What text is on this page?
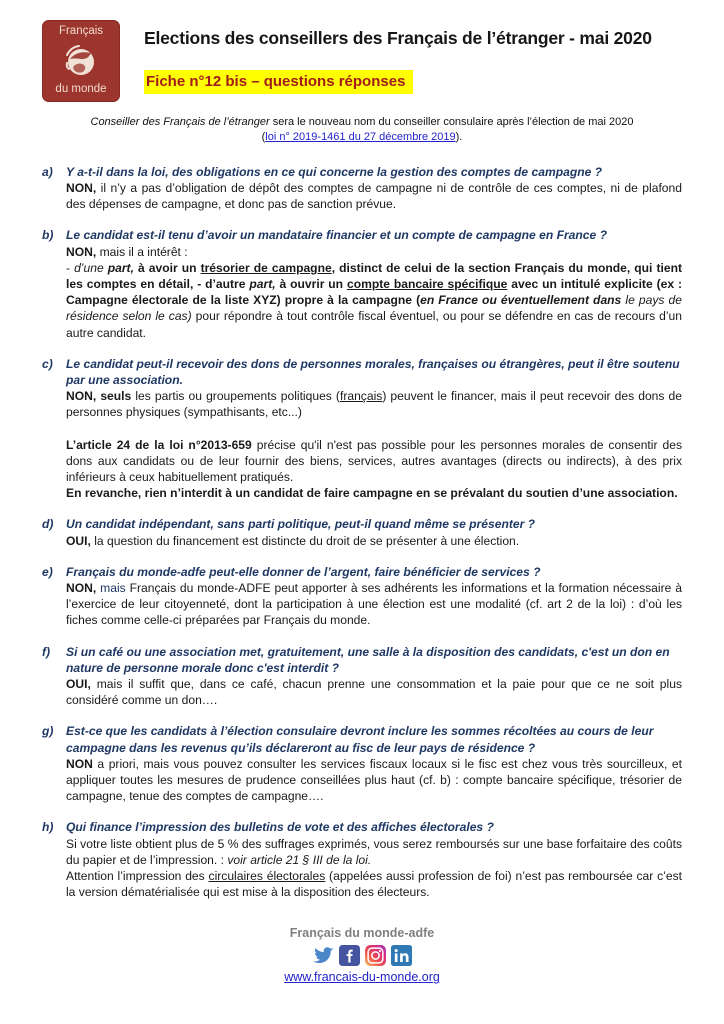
Français
du monde
Elections des conseillers des Français de l’étranger - mai 2020
Fiche n°12 bis – questions réponses
Conseiller des Français de l’étranger sera le nouveau nom du conseiller consulaire après l’élection de mai 2020
(loi n° 2019-1461 du 27 décembre 2019).
a)	Y a-t-il dans la loi, des obligations en ce qui concerne la gestion des comptes de campagne ?

NON, il n’y a pas d’obligation de dépôt des comptes de campagne ni de contrôle de ces comptes, ni de plafond des dépenses de campagne, et donc pas de sanction prévue.

b)	Le candidat est-il tenu d’avoir un mandataire financier et un compte de campagne en France ?

NON, mais il a intérêt :

- d’une part, à avoir un trésorier de campagne, distinct de celui de la section Français du monde, qui tient les comptes en détail, - d’autre part, à ouvrir un compte bancaire spécifique avec un intitulé explicite (ex : Campagne électorale de la liste XYZ) propre à la campagne (en France ou éventuellement dans le pays de résidence selon le cas) pour répondre à tout contrôle fiscal éventuel, ou pour se défendre en cas de recours d’un autre candidat.

c)	Le candidat peut-il recevoir des dons de personnes morales, françaises ou étrangères, peut il être soutenu par une association.

NON, seuls les partis ou groupements politiques (français) peuvent le financer, mais il peut recevoir des dons de personnes physiques (sympathisants, etc...)

L’article 24 de la loi n°2013-659 précise qu'il n'est pas possible pour les personnes morales de consentir des dons aux candidats ou de leur fournir des biens, services, autres avantages (directs ou indirects), à des prix inférieurs à ceux habituellement pratiqués.

En revanche, rien n’interdit à un candidat de faire campagne en se prévalant du soutien d’une association.

d)	Un candidat indépendant, sans parti politique, peut-il quand même se présenter ?

OUI, la question du financement est distincte du droit de se présenter à une élection.

e)	Français du monde-adfe peut-elle donner de l’argent, faire bénéficier de services ?

NON, mais Français du monde-ADFE peut apporter à ses adhérents les informations et la formation nécessaire à l’exercice de leur citoyenneté, dont la participation à une élection est une modalité (cf. art 2 de la loi) : d’où les fiches comme celle-ci préparées par Français du monde.

f)	Si un café ou une association met, gratuitement, une salle à la disposition des candidats, c'est un don en nature de personne morale donc c'est interdit ?

OUI, mais il suffit que, dans ce café, chacun prenne une consommation et la paie pour que ce ne soit plus considéré comme un don….

g)	Est-ce que les candidats à l’élection consulaire devront inclure les sommes récoltées au cours de leur campagne dans les revenus qu’ils déclareront au fisc de leur pays de résidence ?

NON a priori, mais vous pouvez consulter les services fiscaux locaux si le fisc est chez vous très sourcilleux, et appliquer toutes les mesures de prudence conseillées plus haut (cf. b) : compte bancaire spécifique, trésorier de campagne, tenue des comptes de campagne….

h)	Qui finance l’impression des bulletins de vote et des affiches électorales ?

Si votre liste obtient plus de 5 % des suffrages exprimés, vous serez remboursés sur une base forfaitaire des coûts du papier et de l’impression. : voir article 21 § III de la loi.

Attention l’impression des circulaires électorales (appelées aussi profession de foi) n’est pas remboursée car c’est la version dématérialisée qui est mise à la disposition des électeurs.

Français du monde-adfe
www.francais-du-monde.org
